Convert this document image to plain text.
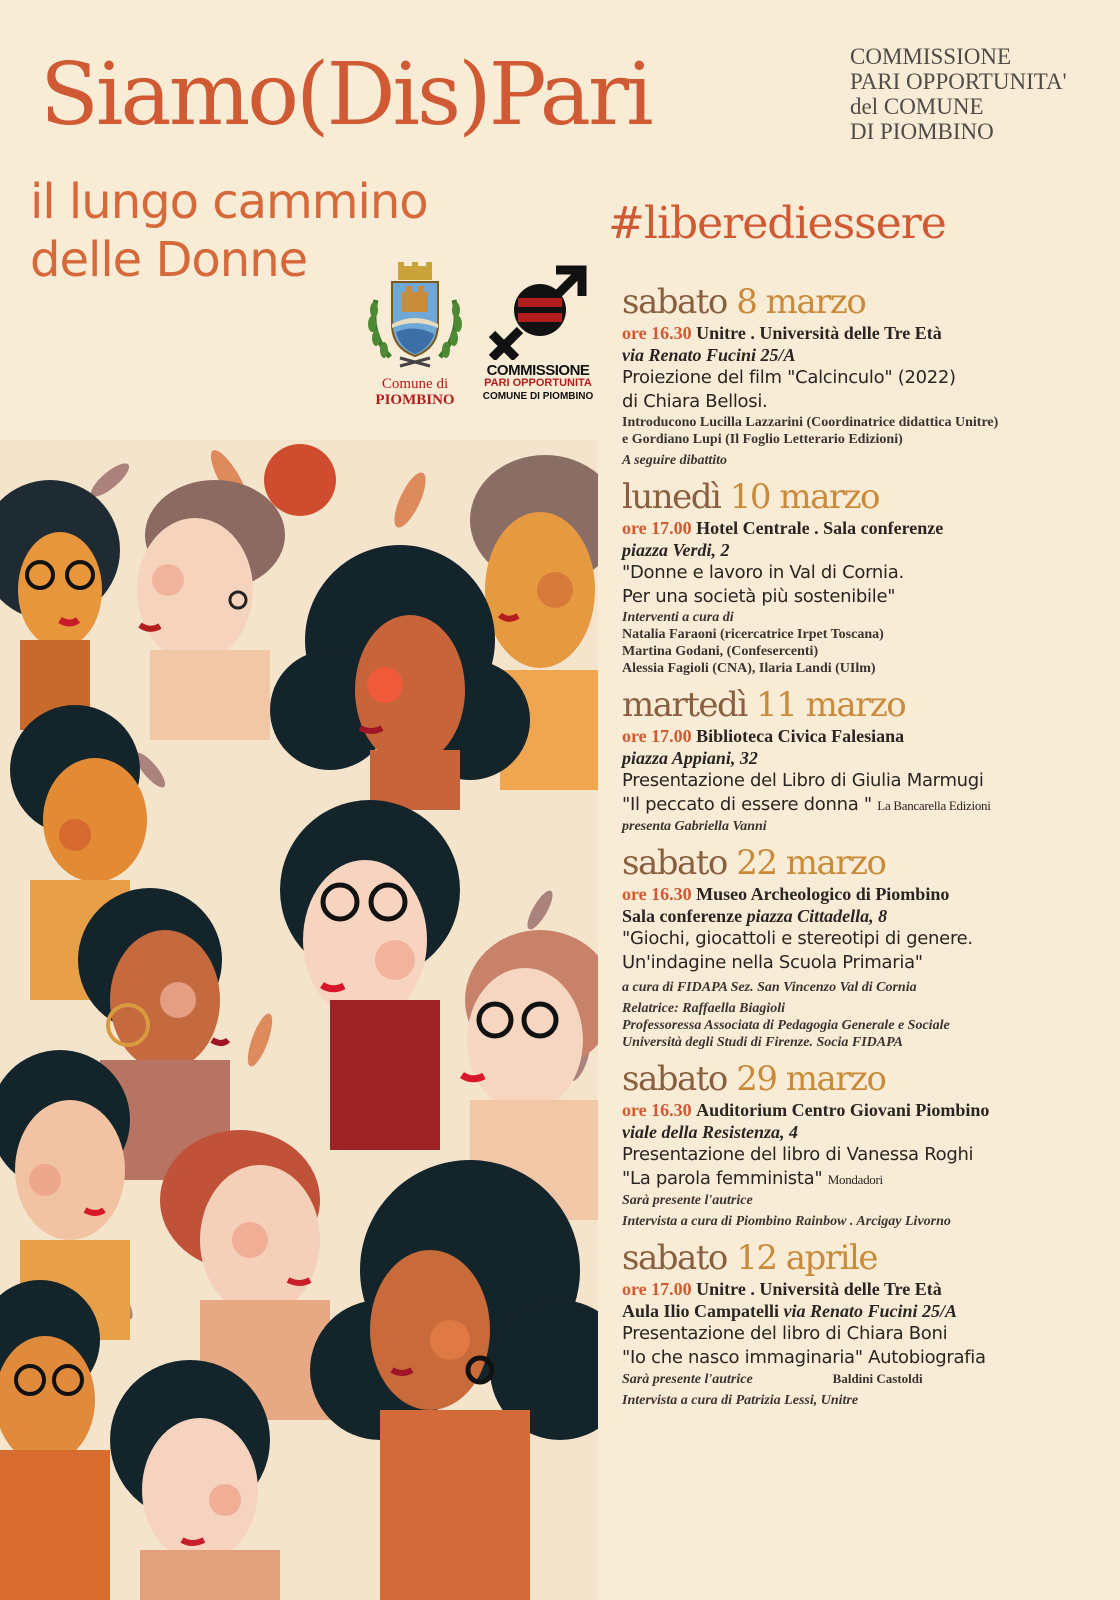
Siamo(Dis)Pari
il lungo cammino
delle Donne
COMMISSIONE
PARI OPPORTUNITA'
del COMUNE
DI PIOMBINO
#liberediessere
Comune di
PIOMBINO
COMMISSIONE
PARI OPPORTUNITA
COMUNE DI PIOMBINO
sabato 8 marzo
ore 16.30 Unitre . Università delle Tre Età
via Renato Fucini 25/A
Proiezione del film "Calcinculo" (2022)
di Chiara Bellosi.
Introducono Lucilla Lazzarini (Coordinatrice didattica Unitre)
e Gordiano Lupi (Il Foglio Letterario Edizioni)
A seguire dibattito
lunedì 10 marzo
ore 17.00 Hotel Centrale . Sala conferenze
piazza Verdi, 2
"Donne e lavoro in Val di Cornia.
Per una società più sostenibile"
Interventi a cura di
Natalia Faraoni (ricercatrice Irpet Toscana)
Martina Godani, (Confesercenti)
Alessia Fagioli (CNA), Ilaria Landi (UIlm)
martedì 11 marzo
ore 17.00 Biblioteca Civica Falesiana
piazza Appiani, 32
Presentazione del Libro di Giulia Marmugi
"Il peccato di essere donna " La Bancarella Edizioni
presenta Gabriella Vanni
sabato 22 marzo
ore 16.30 Museo Archeologico di Piombino
Sala conferenze piazza Cittadella, 8
"Giochi, giocattoli e stereotipi di genere.
Un'indagine nella Scuola Primaria"
a cura di FIDAPA Sez. San Vincenzo Val di Cornia
Relatrice: Raffaella Biagioli
Professoressa Associata di Pedagogia Generale e Sociale
Università degli Studi di Firenze. Socia FIDAPA
sabato 29 marzo
ore 16.30 Auditorium Centro Giovani Piombino
viale della Resistenza, 4
Presentazione del libro di Vanessa Roghi
"La parola femminista" Mondadori
Sarà presente l'autrice
Intervista a cura di Piombino Rainbow . Arcigay Livorno
sabato 12 aprile
ore 17.00 Unitre . Università delle Tre Età
Aula Ilio Campatelli via Renato Fucini 25/A
Presentazione del libro di Chiara Boni
"Io che nasco immaginaria" Autobiografia
Sarà presente l'autrice	Baldini Castoldi
Intervista a cura di Patrizia Lessi, Unitre
